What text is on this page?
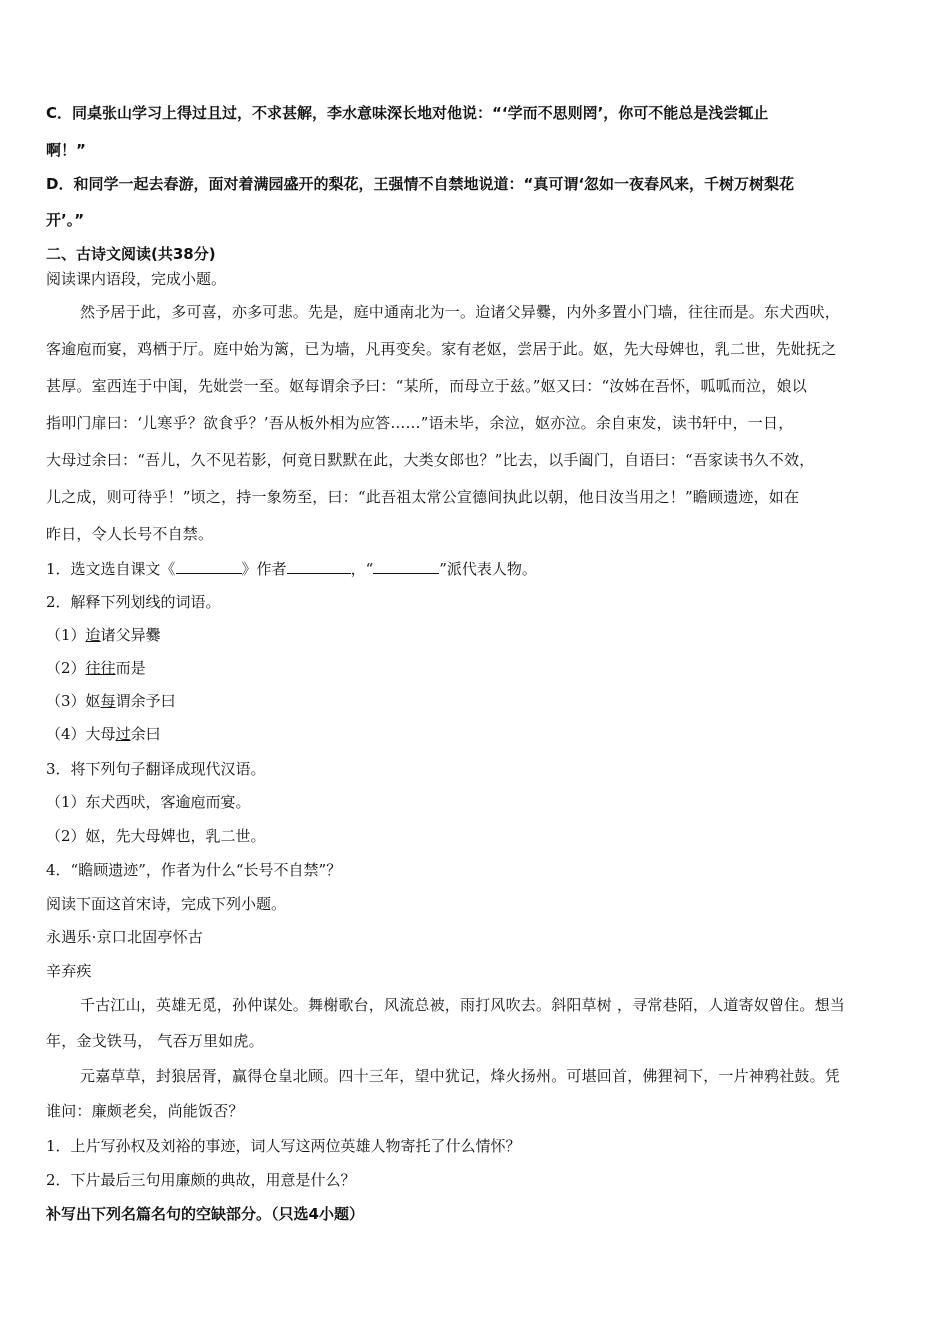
C．同桌张山学习上得过且过，不求甚解，李水意味深长地对他说：“‘学而不思则罔’，你可不能总是浅尝辄止
啊！”
D．和同学一起去春游，面对着满园盛开的梨花，王强情不自禁地说道：“真可谓‘忽如一夜春风来，千树万树梨花
开’。”
二、古诗文阅读(共38分)
阅读课内语段，完成小题。
然予居于此，多可喜，亦多可悲。先是，庭中通南北为一。迨诸父异爨，内外多置小门墙，往往而是。东犬西吠，
客逾庖而宴，鸡栖于厅。庭中始为篱，已为墙，凡再变矣。家有老妪，尝居于此。妪，先大母婢也，乳二世，先妣抚之
甚厚。室西连于中闺，先妣尝一至。妪每谓余予曰：“某所，而母立于兹。”妪又曰：“汝姊在吾怀，呱呱而泣，娘以
指叩门扉曰：‘儿寒乎？欲食乎？’吾从板外相为应答……”语未毕，余泣，妪亦泣。余自束发，读书轩中，一日，
大母过余曰：“吾儿，久不见若影，何竟日默默在此，大类女郎也？”比去，以手阖门，自语曰：“吾家读书久不效，
儿之成，则可待乎！”顷之，持一象笏至，曰：“此吾祖太常公宣德间执此以朝，他日汝当用之！”瞻顾遗迹，如在
昨日，令人长号不自禁。
1．选文选自课文《	》作者	，“	”派代表人物。
2．解释下列划线的词语。
（1）迨诸父异爨
（2）往往而是
（3）妪每谓余予曰
（4）大母过余曰
3．将下列句子翻译成现代汉语。
（1）东犬西吠，客逾庖而宴。
（2）妪，先大母婢也，乳二世。
4．“瞻顾遗迹”，作者为什么“长号不自禁”？
阅读下面这首宋诗，完成下列小题。
永遇乐·京口北固亭怀古
辛弃疾
千古江山，英雄无觅，孙仲谋处。舞榭歌台，风流总被，雨打风吹去。斜阳草树 ，寻常巷陌，人道寄奴曾住。想当
年，金戈铁马， 气吞万里如虎。
元嘉草草，封狼居胥，赢得仓皇北顾。四十三年，望中犹记，烽火扬州。可堪回首，佛狸祠下，一片神鸦社鼓。凭
谁问：廉颇老矣，尚能饭否？
1．上片写孙权及刘裕的事迹，词人写这两位英雄人物寄托了什么情怀？
2．下片最后三句用廉颇的典故，用意是什么？
补写出下列名篇名句的空缺部分。（只选4小题）
